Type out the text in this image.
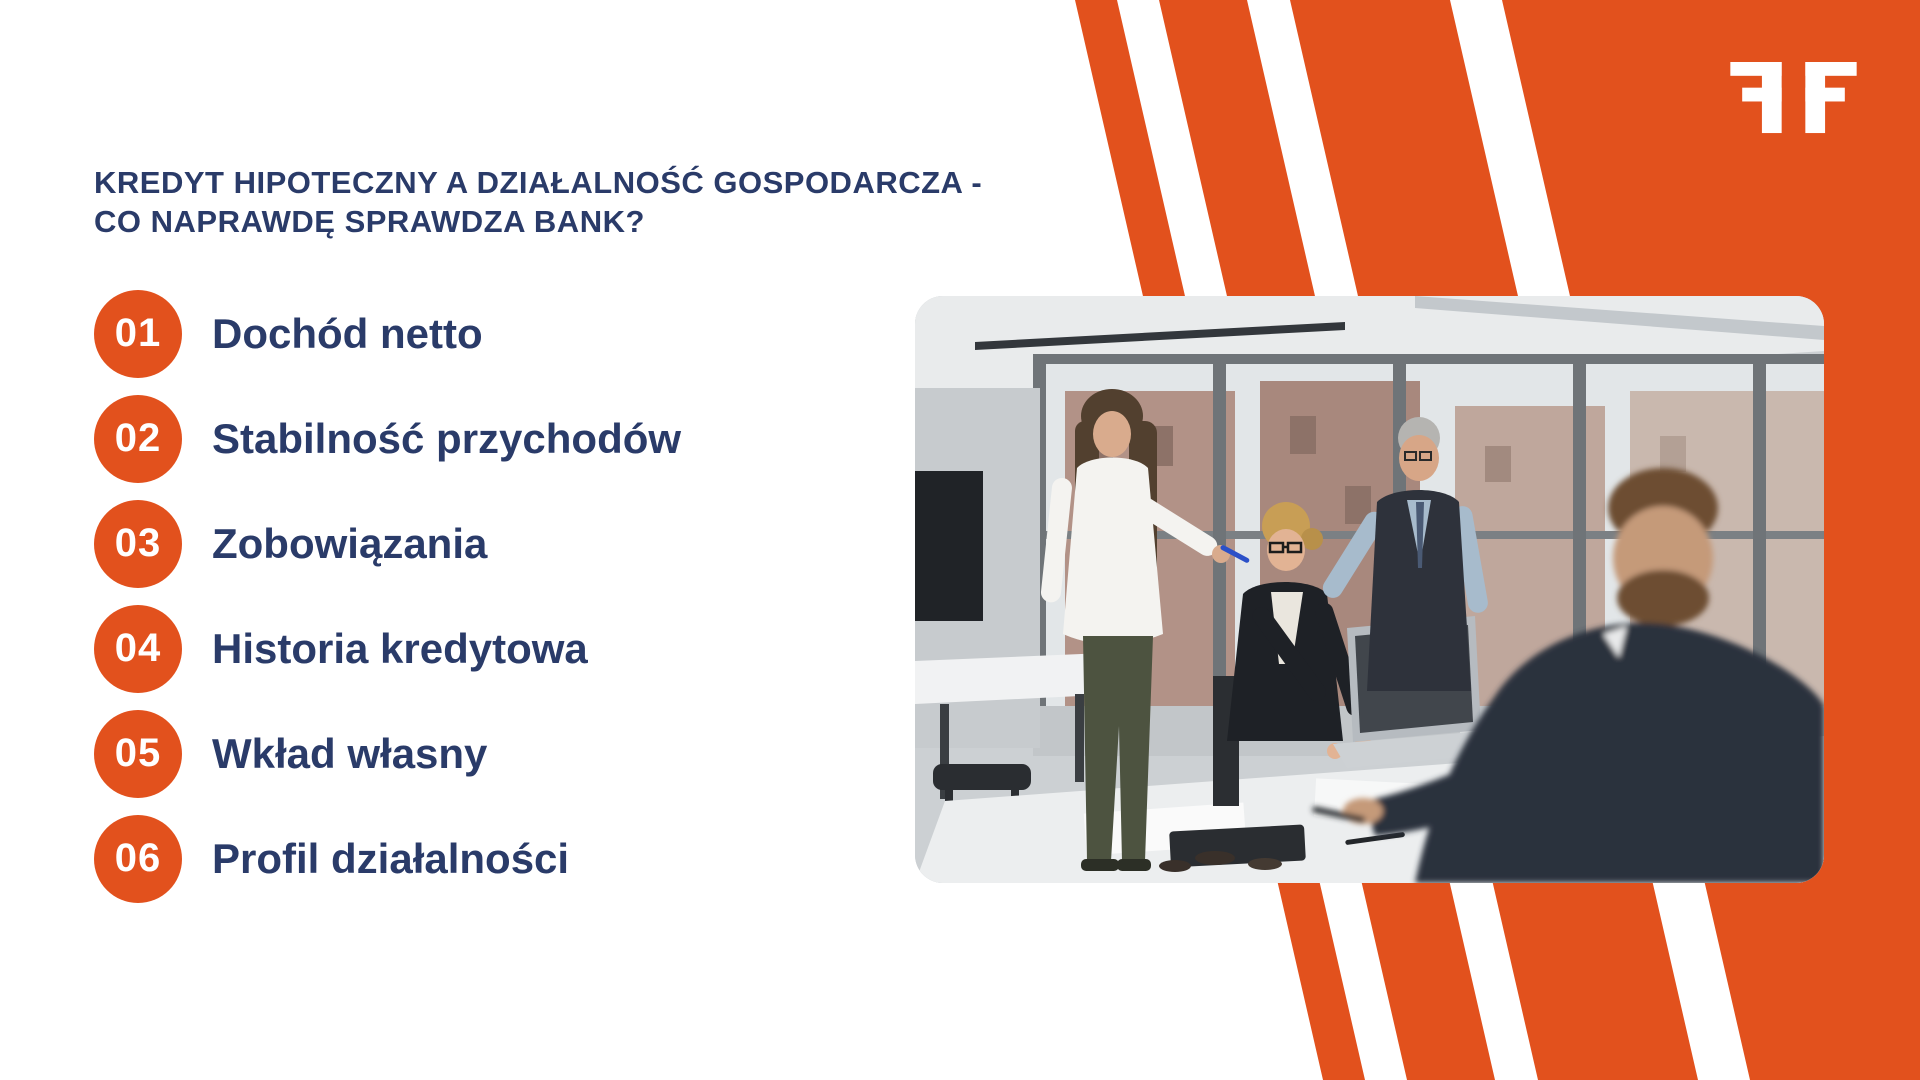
KREDYT HIPOTECZNY A DZIAŁALNOŚĆ GOSPODARCZA -
CO NAPRAWDĘ SPRAWDZA BANK?
01 Dochód netto
02 Stabilność przychodów
03 Zobowiązania
04 Historia kredytowa
05 Wkład własny
06 Profil działalności
